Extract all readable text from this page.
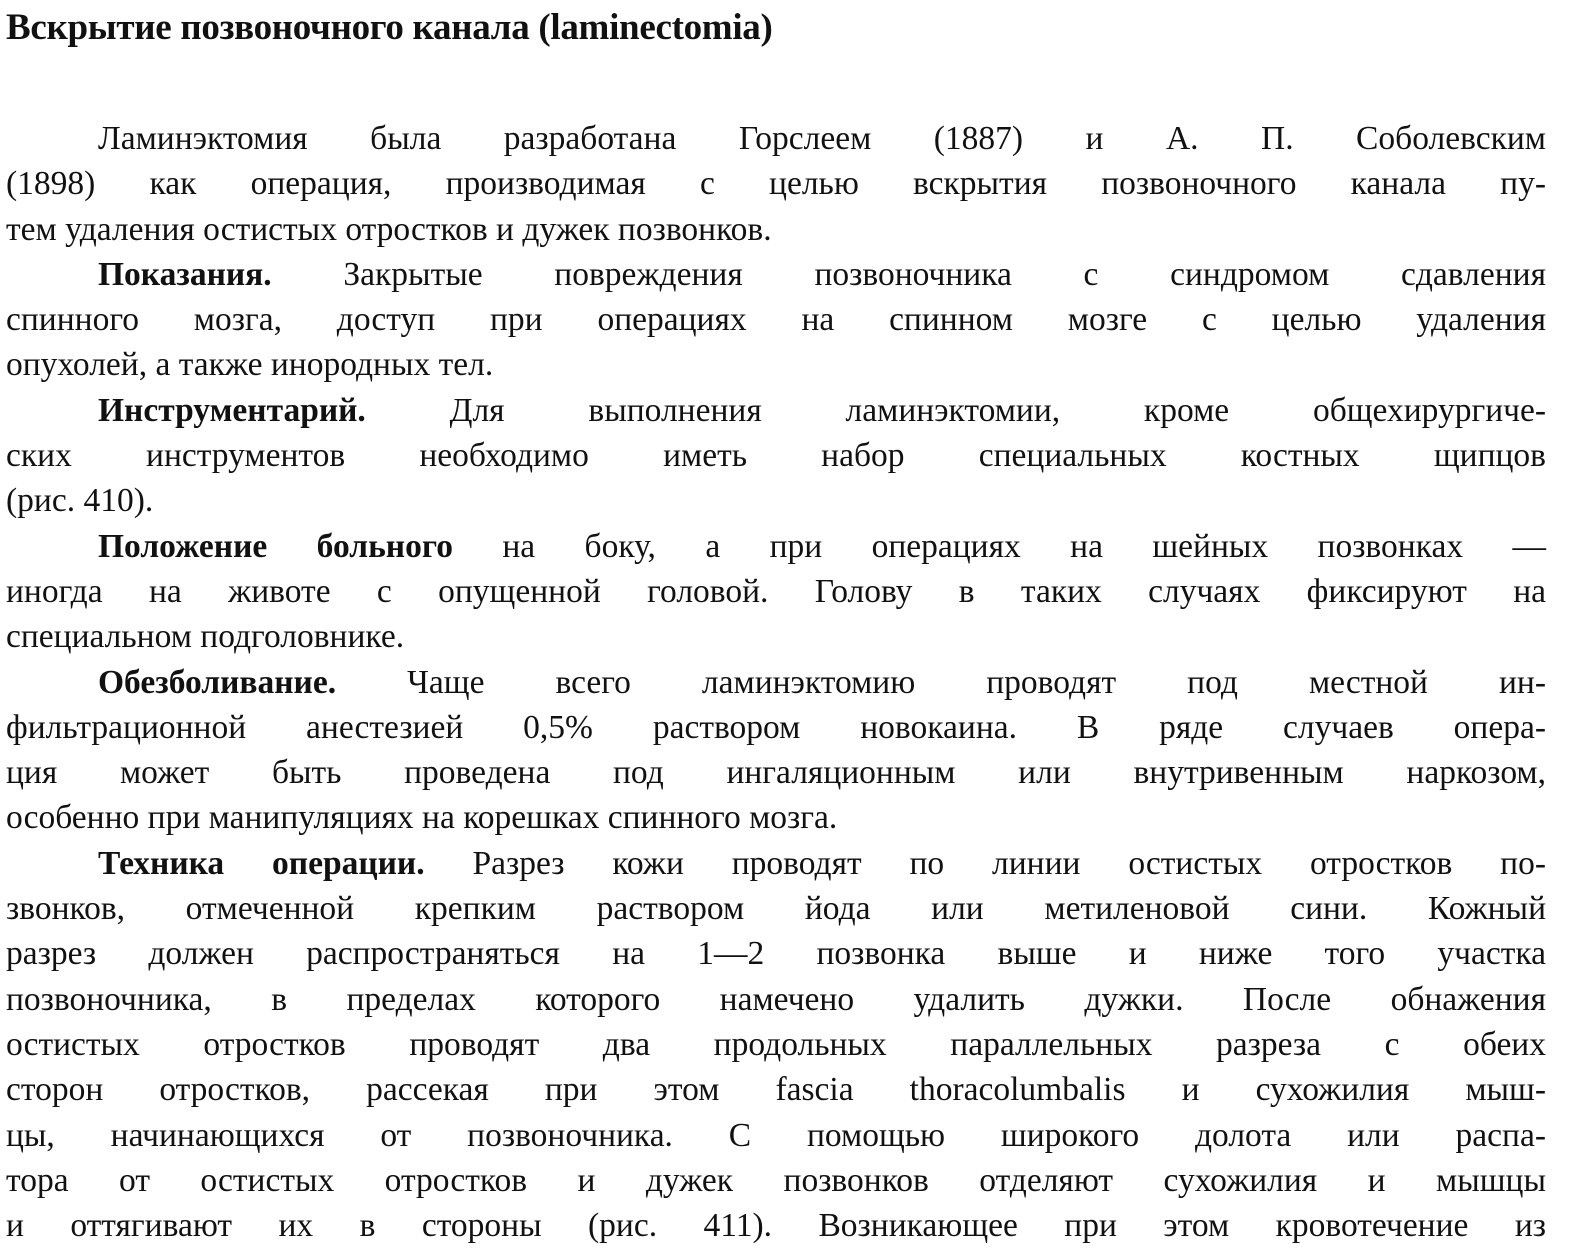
Вскрытие позвоночного канала (laminectomia)
Ламинэктомия была разработана Горслеем (1887) и А. П. Соболевским
(1898) как операция, производимая с целью вскрытия позвоночного канала пу-
тем удаления остистых отростков и дужек позвонков.
Показания. Закрытые повреждения позвоночника с синдромом сдавления
спинного мозга, доступ при операциях на спинном мозге с целью удаления
опухолей, а также инородных тел.
Инструментарий. Для выполнения ламинэктомии, кроме общехирургиче-
ских инструментов необходимо иметь набор специальных костных щипцов
(рис. 410).
Положение больного на боку, а при операциях на шейных позвонках —
иногда на животе с опущенной головой. Голову в таких случаях фиксируют на
специальном подголовнике.
Обезболивание. Чаще всего ламинэктомию проводят под местной ин-
фильтрационной анестезией 0,5% раствором новокаина. В ряде случаев опера-
ция может быть проведена под ингаляционным или внутривенным наркозом,
особенно при манипуляциях на корешках спинного мозга.
Техника операции. Разрез кожи проводят по линии остистых отростков по-
звонков, отмеченной крепким раствором йода или метиленовой сини. Кожный
разрез должен распространяться на 1—2 позвонка выше и ниже того участка
позвоночника, в пределах которого намечено удалить дужки. После обнажения
остистых отростков проводят два продольных параллельных разреза с обеих
сторон отростков, рассекая при этом fascia thoracolumbalis и сухожилия мыш-
цы, начинающихся от позвоночника. С помощью широкого долота или распа-
тора от остистых отростков и дужек позвонков отделяют сухожилия и мышцы
и оттягивают их в стороны (рис. 411). Возникающее при этом кровотечение из
